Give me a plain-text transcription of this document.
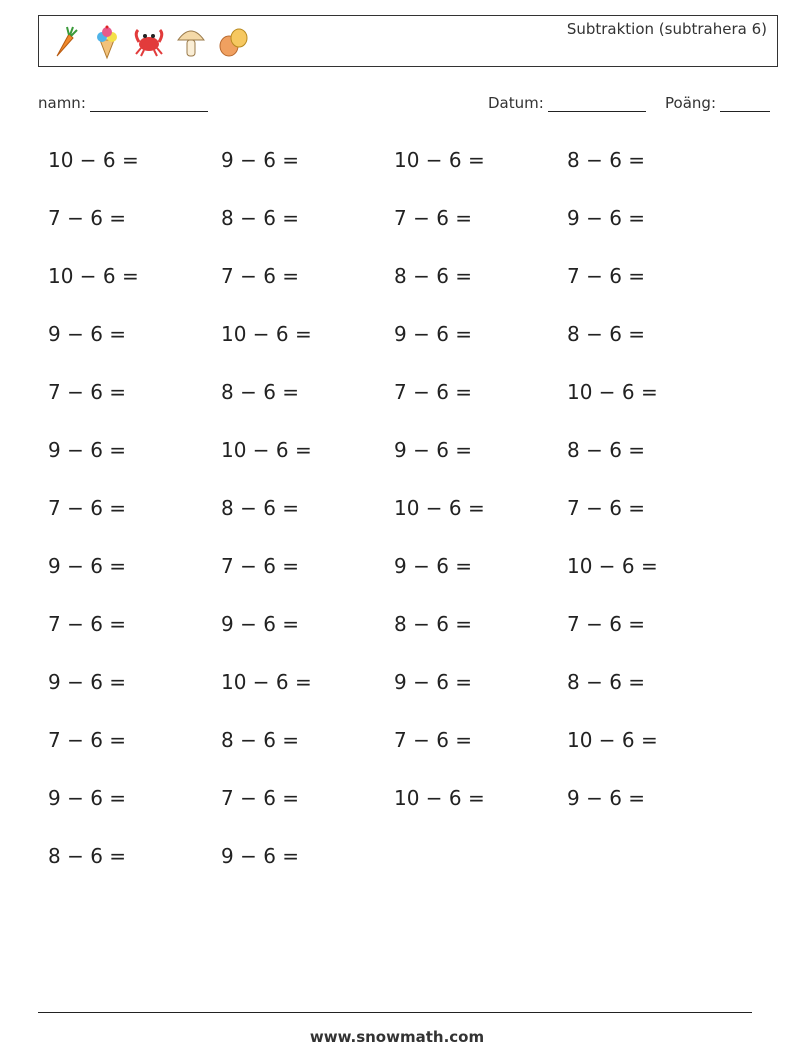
Subtraktion (subtrahera 6)
namn:	Datum:	Poäng:
10 − 6 =	9 − 6 =	10 − 6 =	8 − 6 =
7 − 6 =	8 − 6 =	7 − 6 =	9 − 6 =
10 − 6 =	7 − 6 =	8 − 6 =	7 − 6 =
9 − 6 =	10 − 6 =	9 − 6 =	8 − 6 =
7 − 6 =	8 − 6 =	7 − 6 =	10 − 6 =
9 − 6 =	10 − 6 =	9 − 6 =	8 − 6 =
7 − 6 =	8 − 6 =	10 − 6 =	7 − 6 =
9 − 6 =	7 − 6 =	9 − 6 =	10 − 6 =
7 − 6 =	9 − 6 =	8 − 6 =	7 − 6 =
9 − 6 =	10 − 6 =	9 − 6 =	8 − 6 =
7 − 6 =	8 − 6 =	7 − 6 =	10 − 6 =
9 − 6 =	7 − 6 =	10 − 6 =	9 − 6 =
8 − 6 =	9 − 6 =
www.snowmath.com
